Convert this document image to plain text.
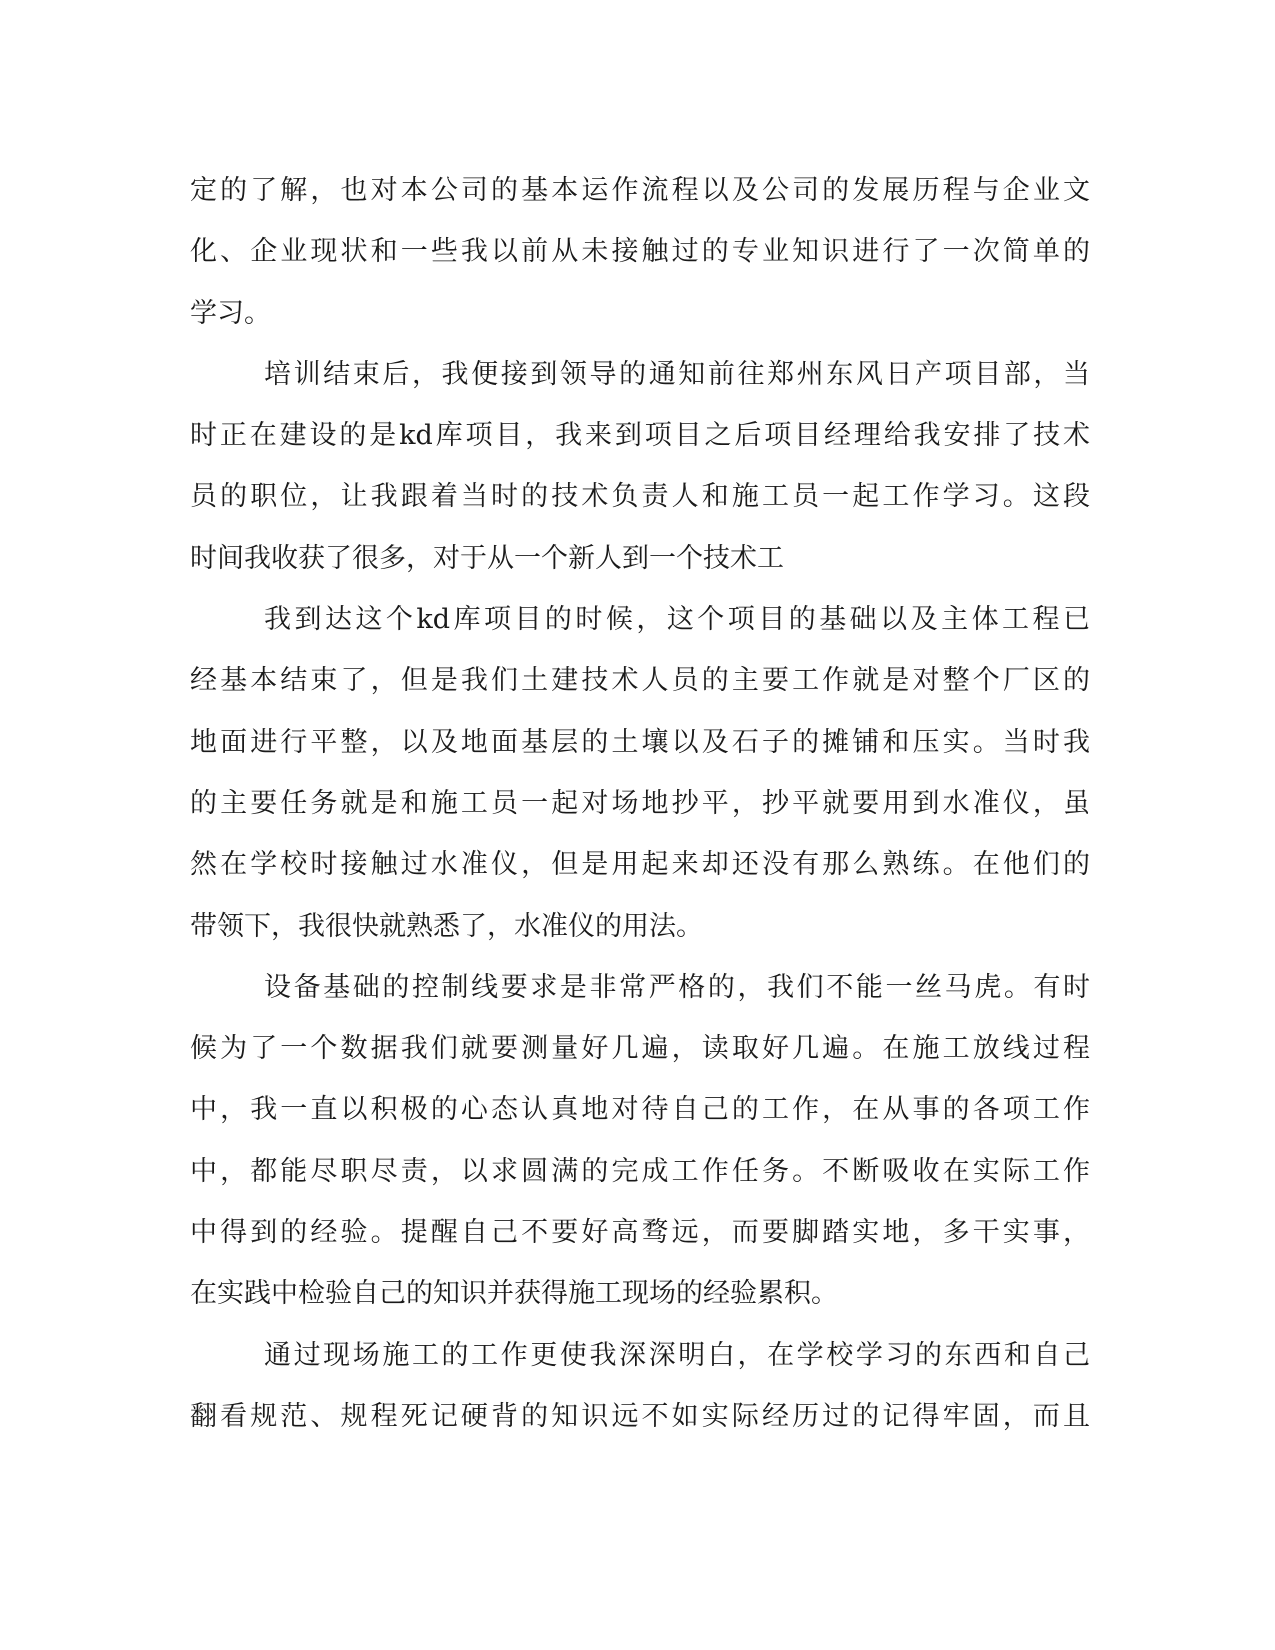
定的了解，也对本公司的基本运作流程以及公司的发展历程与企业文
化、企业现状和一些我以前从未接触过的专业知识进行了一次简单的
学习。
培训结束后，我便接到领导的通知前往郑州东风日产项目部，当
时正在建设的是kd库项目，我来到项目之后项目经理给我安排了技术
员的职位，让我跟着当时的技术负责人和施工员一起工作学习。这段
时间我收获了很多，对于从一个新人到一个技术工
我到达这个kd库项目的时候，这个项目的基础以及主体工程已
经基本结束了，但是我们土建技术人员的主要工作就是对整个厂区的
地面进行平整，以及地面基层的土壤以及石子的摊铺和压实。当时我
的主要任务就是和施工员一起对场地抄平，抄平就要用到水准仪，虽
然在学校时接触过水准仪，但是用起来却还没有那么熟练。在他们的
带领下，我很快就熟悉了，水准仪的用法。
设备基础的控制线要求是非常严格的，我们不能一丝马虎。有时
候为了一个数据我们就要测量好几遍，读取好几遍。在施工放线过程
中，我一直以积极的心态认真地对待自己的工作，在从事的各项工作
中，都能尽职尽责，以求圆满的完成工作任务。不断吸收在实际工作
中得到的经验。提醒自己不要好高骛远，而要脚踏实地，多干实事，
在实践中检验自己的知识并获得施工现场的经验累积。
通过现场施工的工作更使我深深明白，在学校学习的东西和自己
翻看规范、规程死记硬背的知识远不如实际经历过的记得牢固，而且
